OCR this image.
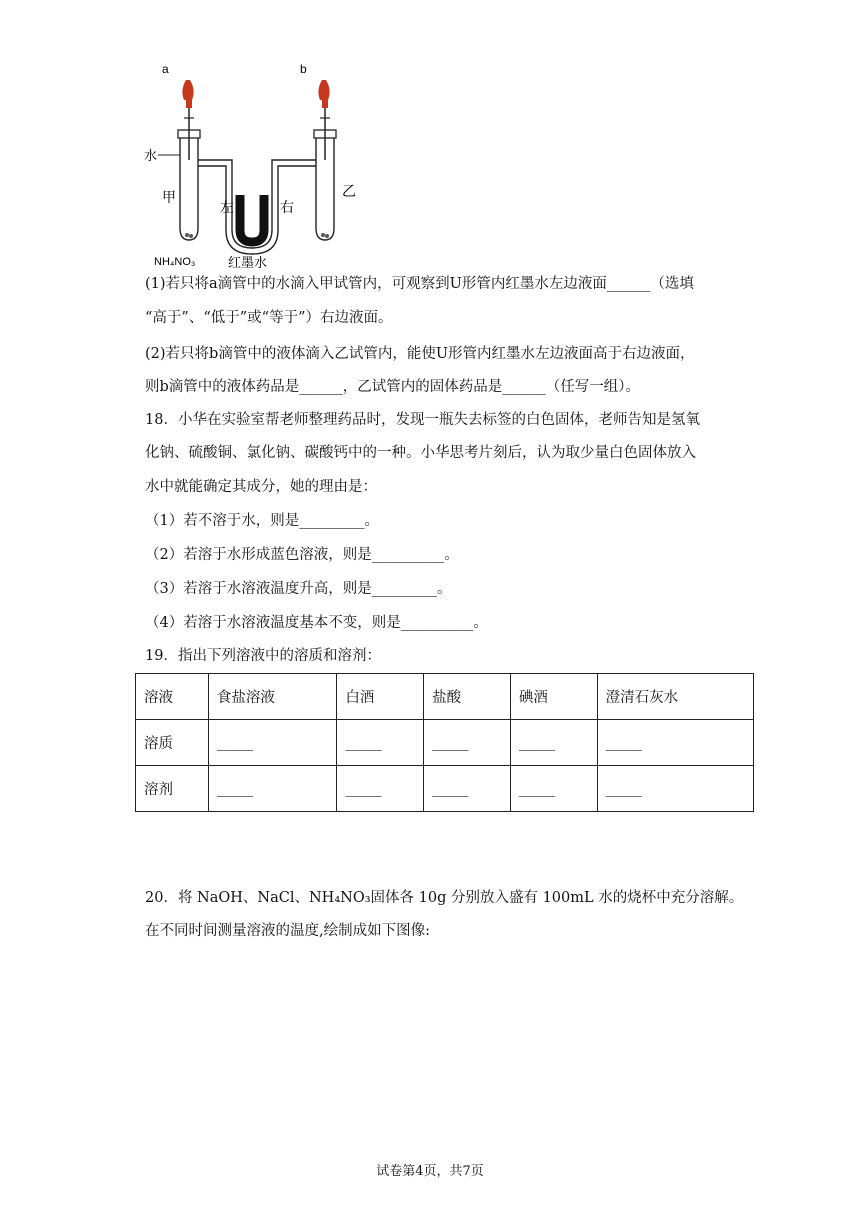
a	b
水
甲
左	右
乙
NH₄NO₃	红墨水
(1)若只将a滴管中的水滴入甲试管内，可观察到U形管内红墨水左边液面______（选填
“高于”、“低于”或“等于”）右边液面。
(2)若只将b滴管中的液体滴入乙试管内，能使U形管内红墨水左边液面高于右边液面，
则b滴管中的液体药品是______，乙试管内的固体药品是______（任写一组）。
18．小华在实验室帮老师整理药品时，发现一瓶失去标签的白色固体，老师告知是氢氧
化钠、硫酸铜、氯化钠、碳酸钙中的一种。小华思考片刻后，认为取少量白色固体放入
水中就能确定其成分，她的理由是：
（1）若不溶于水，则是_________。
（2）若溶于水形成蓝色溶液，则是__________。
（3）若溶于水溶液温度升高，则是_________。
（4）若溶于水溶液温度基本不变，则是__________。
19．指出下列溶液中的溶质和溶剂：
溶液	食盐溶液	白酒	盐酸	碘酒	澄清石灰水
溶质	_____	_____	_____	_____	_____
溶剂	_____	_____	_____	_____	_____
20．将 NaOH、NaCl、NH₄NO₃固体各 10g 分别放入盛有 100mL 水的烧杯中充分溶解。
在不同时间测量溶液的温度,绘制成如下图像:
试卷第4页，共7页
